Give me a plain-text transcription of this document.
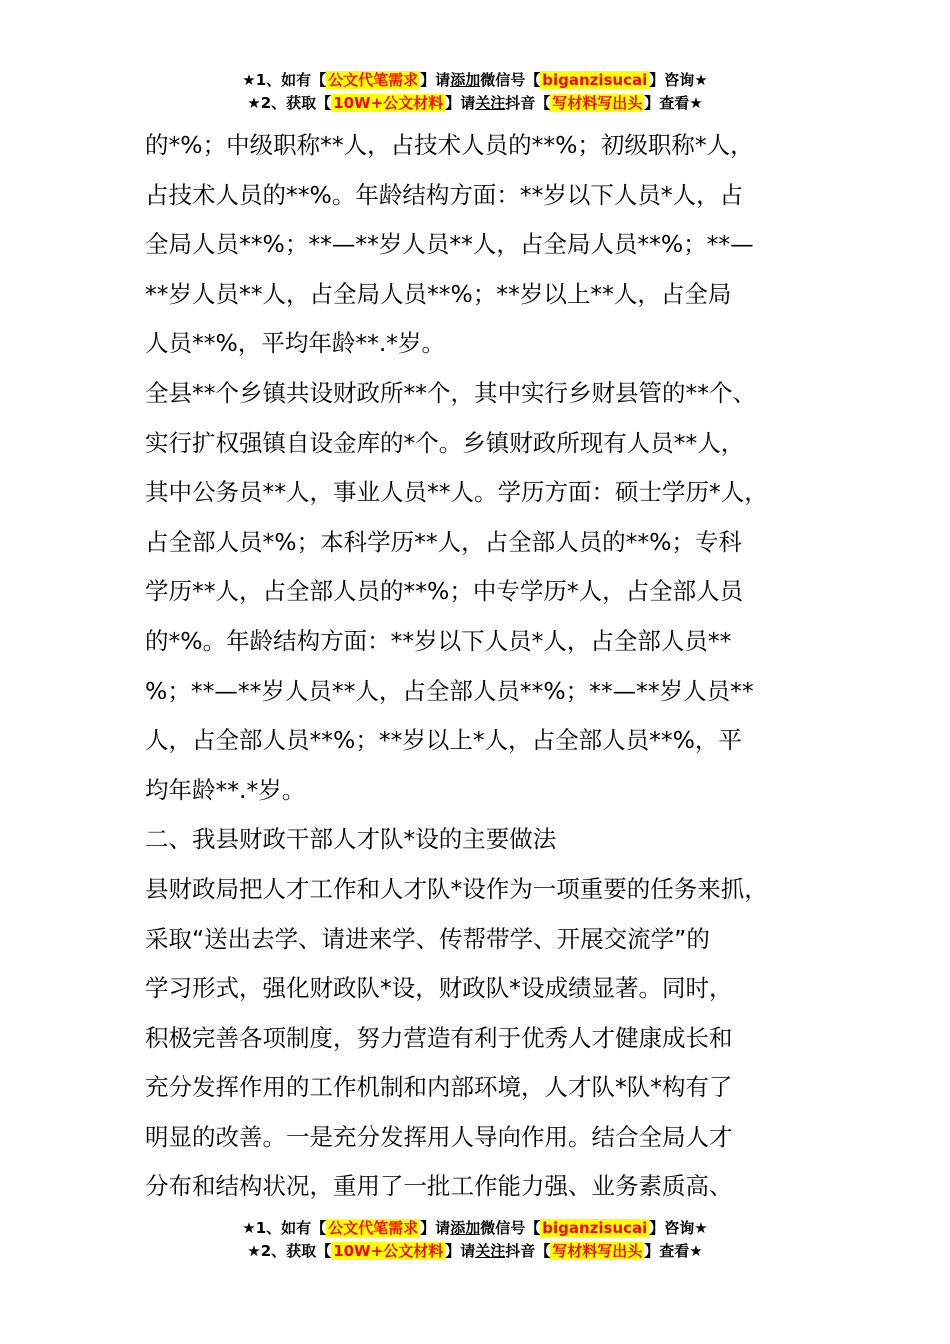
★1、如有【 公文代笔需求 】请添加微信号【 biganzisucai 】咨询★
★2、获取【 10W+公文材料 】请关注抖音【 写材料写出头 】查看★
的*%；中级职称**人，占技术人员的**%；初级职称*人，
占技术人员的**%。年龄结构方面：**岁以下人员*人，占
全局人员**%；**—**岁人员**人，占全局人员**%；**—
**岁人员**人，占全局人员**%；**岁以上**人，占全局
人员**%，平均年龄**.*岁。
全县**个乡镇共设财政所**个，其中实行乡财县管的**个、
实行扩权强镇自设金库的*个。乡镇财政所现有人员**人，
其中公务员**人，事业人员**人。学历方面：硕士学历*人，
占全部人员*%；本科学历**人，占全部人员的**%；专科
学历**人，占全部人员的**%；中专学历*人，占全部人员
的*%。年龄结构方面：**岁以下人员*人，占全部人员**
%；**—**岁人员**人，占全部人员**%；**—**岁人员**
人，占全部人员**%；**岁以上*人，占全部人员**%，平
均年龄**.*岁。
二、我县财政干部人才队*设的主要做法
县财政局把人才工作和人才队*设作为一项重要的任务来抓，
采取“送出去学、请进来学、传帮带学、开展交流学”的
学习形式，强化财政队*设，财政队*设成绩显著。同时，
积极完善各项制度，努力营造有利于优秀人才健康成长和
充分发挥作用的工作机制和内部环境，人才队*队*构有了
明显的改善。一是充分发挥用人导向作用。结合全局人才
分布和结构状况，重用了一批工作能力强、业务素质高、
★1、如有【 公文代笔需求 】请添加微信号【 biganzisucai 】咨询★
★2、获取【 10W+公文材料 】请关注抖音【 写材料写出头 】查看★
